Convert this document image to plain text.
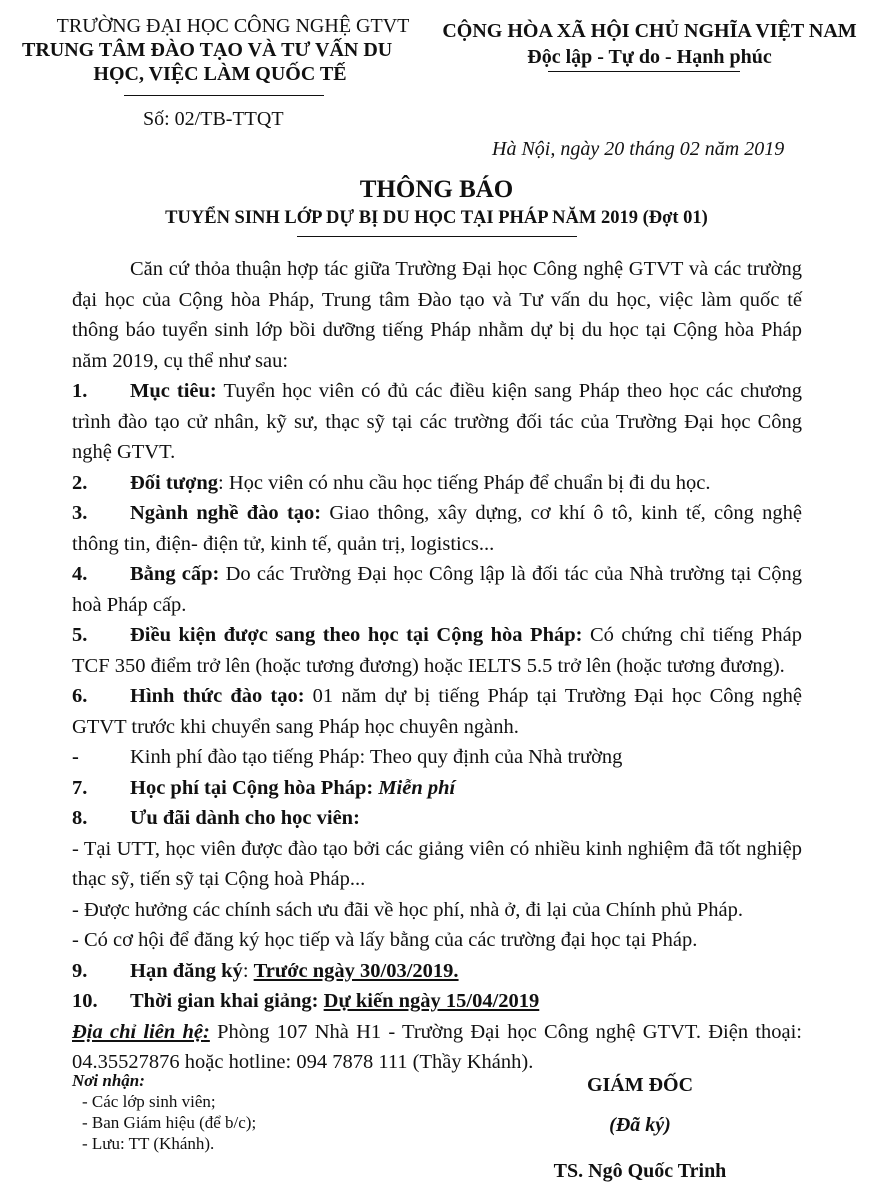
TRƯỜNG ĐẠI HỌC CÔNG NGHỆ GTVT
TRUNG TÂM ĐÀO TẠO VÀ TƯ VẤN DU
HỌC, VIỆC LÀM QUỐC TẾ
CỘNG HÒA XÃ HỘI CHỦ NGHĨA VIỆT NAM
Độc lập - Tự do - Hạnh phúc
Số: 02/TB-TTQT
Hà Nội, ngày 20 tháng 02 năm 2019
THÔNG BÁO
TUYỂN SINH LỚP DỰ BỊ DU HỌC TẠI PHÁP NĂM 2019 (Đợt 01)

Căn cứ thỏa thuận hợp tác giữa Trường Đại học Công nghệ GTVT và các trường đại học của Cộng hòa Pháp, Trung tâm Đào tạo và Tư vấn du học, việc làm quốc tế thông báo tuyển sinh lớp bồi dưỡng tiếng Pháp nhằm dự bị du học tại Cộng hòa Pháp năm 2019, cụ thể như sau:

1. Mục tiêu: Tuyển học viên có đủ các điều kiện sang Pháp theo học các chương trình đào tạo cử nhân, kỹ sư, thạc sỹ tại các trường đối tác của Trường Đại học Công nghệ GTVT.

2. Đối tượng: Học viên có nhu cầu học tiếng Pháp để chuẩn bị đi du học.

3. Ngành nghề đào tạo: Giao thông, xây dựng, cơ khí ô tô, kinh tế, công nghệ thông tin, điện- điện tử, kinh tế, quản trị, logistics...

4. Bằng cấp: Do các Trường Đại học Công lập là đối tác của Nhà trường tại Cộng hoà Pháp cấp.

5. Điều kiện được sang theo học tại Cộng hòa Pháp: Có chứng chỉ tiếng Pháp TCF 350 điểm trở lên (hoặc tương đương) hoặc IELTS 5.5 trở lên (hoặc tương đương).

6. Hình thức đào tạo: 01 năm dự bị tiếng Pháp tại Trường Đại học Công nghệ GTVT trước khi chuyển sang Pháp học chuyên ngành.

- Kinh phí đào tạo tiếng Pháp: Theo quy định của Nhà trường

7. Học phí tại Cộng hòa Pháp: Miễn phí

8. Ưu đãi dành cho học viên:

- Tại UTT, học viên được đào tạo bởi các giảng viên có nhiều kinh nghiệm đã tốt nghiệp thạc sỹ, tiến sỹ tại Cộng hoà Pháp...

- Được hưởng các chính sách ưu đãi về học phí, nhà ở, đi lại của Chính phủ Pháp.

- Có cơ hội để đăng ký học tiếp và lấy bằng của các trường đại học tại Pháp.

9. Hạn đăng ký: Trước ngày 30/03/2019.

10. Thời gian khai giảng: Dự kiến ngày 15/04/2019

Địa chỉ liên hệ: Phòng 107 Nhà H1 - Trường Đại học Công nghệ GTVT. Điện thoại: 04.35527876 hoặc hotline: 094 7878 111 (Thầy Khánh).

Nơi nhận:
- Các lớp sinh viên;
- Ban Giám hiệu (để b/c);
- Lưu: TT (Khánh).
GIÁM ĐỐC
(Đã ký)
TS. Ngô Quốc Trinh
